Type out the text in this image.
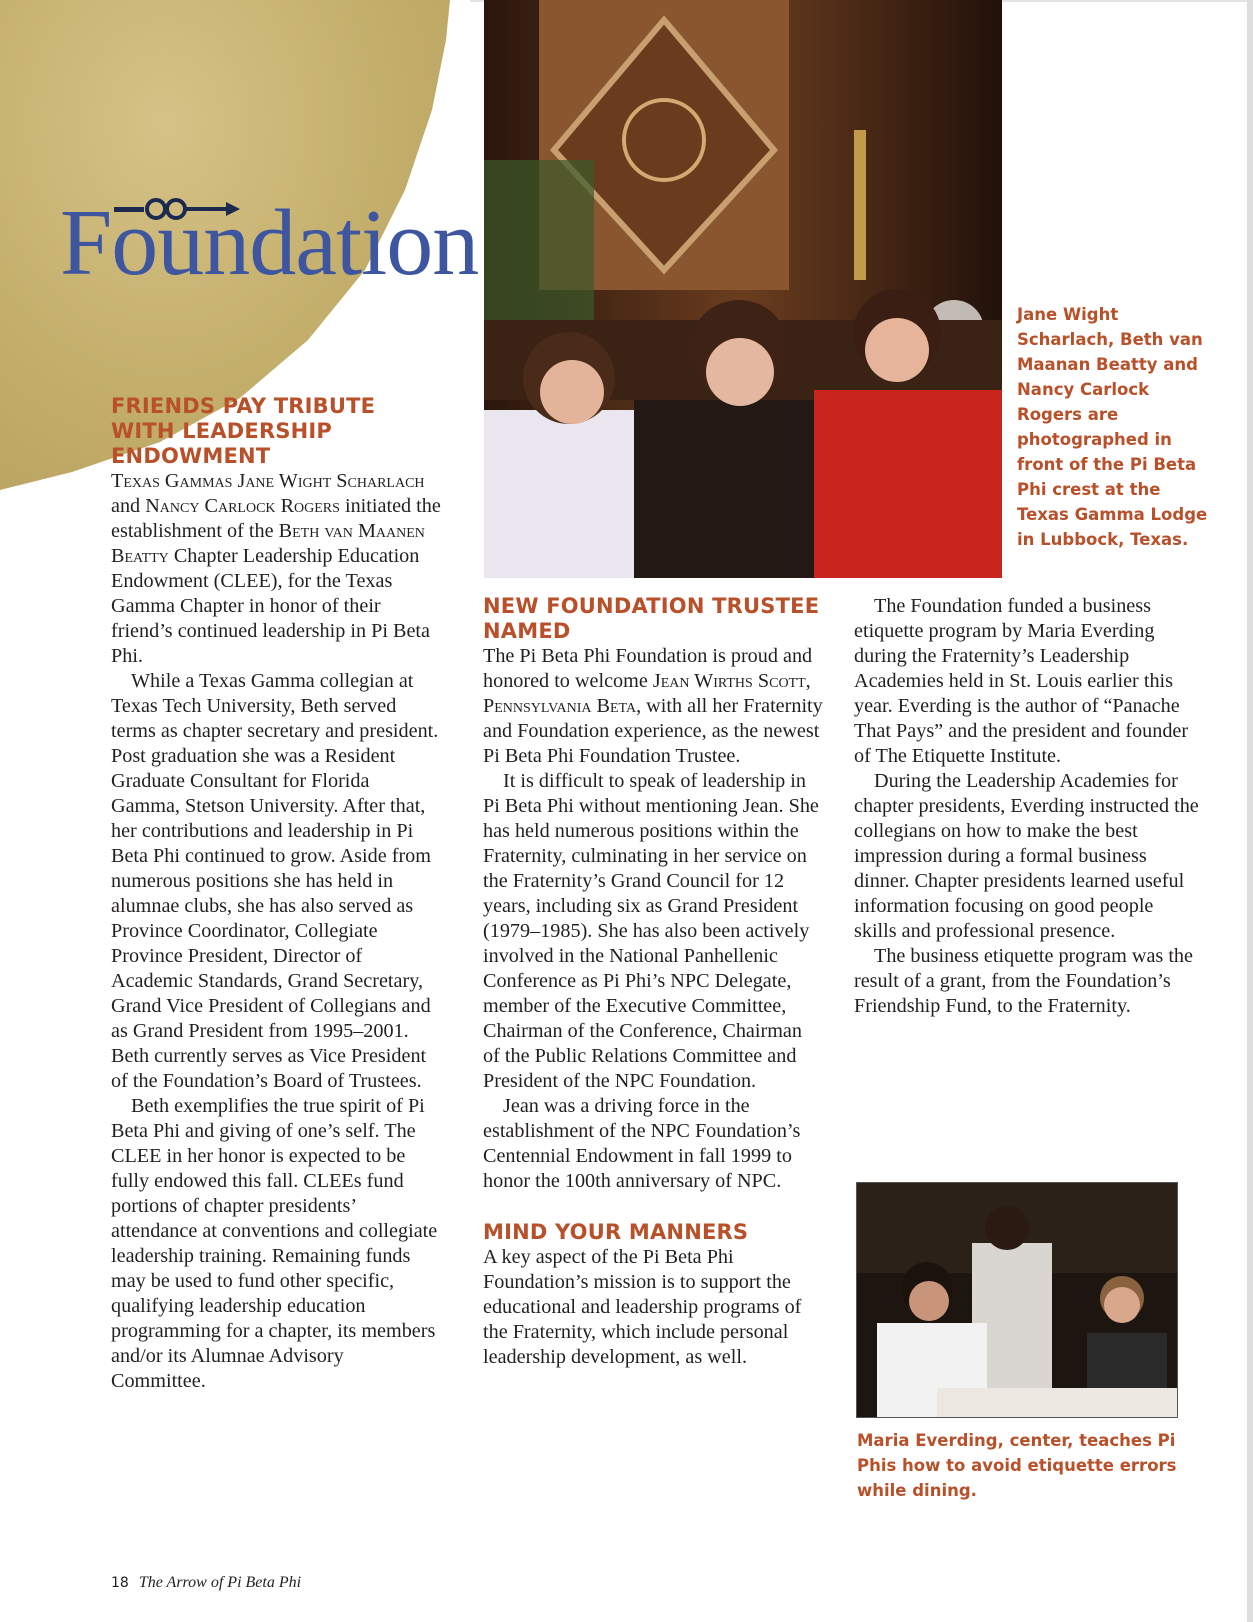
Foundation
Jane Wight Scharlach, Beth van Maanan Beatty and Nancy Carlock Rogers are photographed in front of the Pi Beta Phi crest at the Texas Gamma Lodge in Lubbock, Texas.
FRIENDS PAY TRIBUTE WITH LEADERSHIP ENDOWMENT

Texas Gammas Jane Wight Scharlach and Nancy Carlock Rogers initiated the establishment of the Beth van Maanen Beatty Chapter Leadership Education Endowment (CLEE), for the Texas Gamma Chapter in honor of their friend’s continued leadership in Pi Beta Phi.

While a Texas Gamma collegian at Texas Tech University, Beth served terms as chapter secretary and president. Post graduation she was a Resident Graduate Consultant for Florida Gamma, Stetson University. After that, her contributions and leadership in Pi Beta Phi continued to grow. Aside from numerous positions she has held in alumnae clubs, she has also served as Province Coordinator, Collegiate Province President, Director of Academic Standards, Grand Secretary, Grand Vice President of Collegians and as Grand President from 1995–2001. Beth currently serves as Vice President of the Foundation’s Board of Trustees.

Beth exemplifies the true spirit of Pi Beta Phi and giving of one’s self. The CLEE in her honor is expected to be fully endowed this fall. CLEEs fund portions of chapter presidents’ attendance at conventions and collegiate leadership training. Remaining funds may be used to fund other specific, qualifying leadership education programming for a chapter, its members and/or its Alumnae Advisory Committee.

NEW FOUNDATION TRUSTEE NAMED

The Pi Beta Phi Foundation is proud and honored to welcome Jean Wirths Scott, Pennsylvania Beta, with all her Fraternity and Foundation experience, as the newest Pi Beta Phi Foundation Trustee.

It is difficult to speak of leadership in Pi Beta Phi without mentioning Jean. She has held numerous positions within the Fraternity, culminating in her service on the Fraternity’s Grand Council for 12 years, including six as Grand President (1979–1985). She has also been actively involved in the National Panhellenic Conference as Pi Phi’s NPC Delegate, member of the Executive Committee, Chairman of the Conference, Chairman of the Public Relations Committee and President of the NPC Foundation.

Jean was a driving force in the establishment of the NPC Foundation’s Centennial Endowment in fall 1999 to honor the 100th anniversary of NPC.

MIND YOUR MANNERS

A key aspect of the Pi Beta Phi Foundation’s mission is to support the educational and leadership programs of the Fraternity, which include personal leadership development, as well.

The Foundation funded a business etiquette program by Maria Everding during the Fraternity’s Leadership Academies held in St. Louis earlier this year. Everding is the author of “Panache That Pays” and the president and founder of The Etiquette Institute.

During the Leadership Academies for chapter presidents, Everding instructed the collegians on how to make the best impression during a formal business dinner. Chapter presidents learned useful information focusing on good people skills and professional presence.

The business etiquette program was the result of a grant, from the Foundation’s Friendship Fund, to the Fraternity.

Maria Everding, center, teaches Pi Phis how to avoid etiquette errors while dining.
18 The Arrow of Pi Beta Phi
